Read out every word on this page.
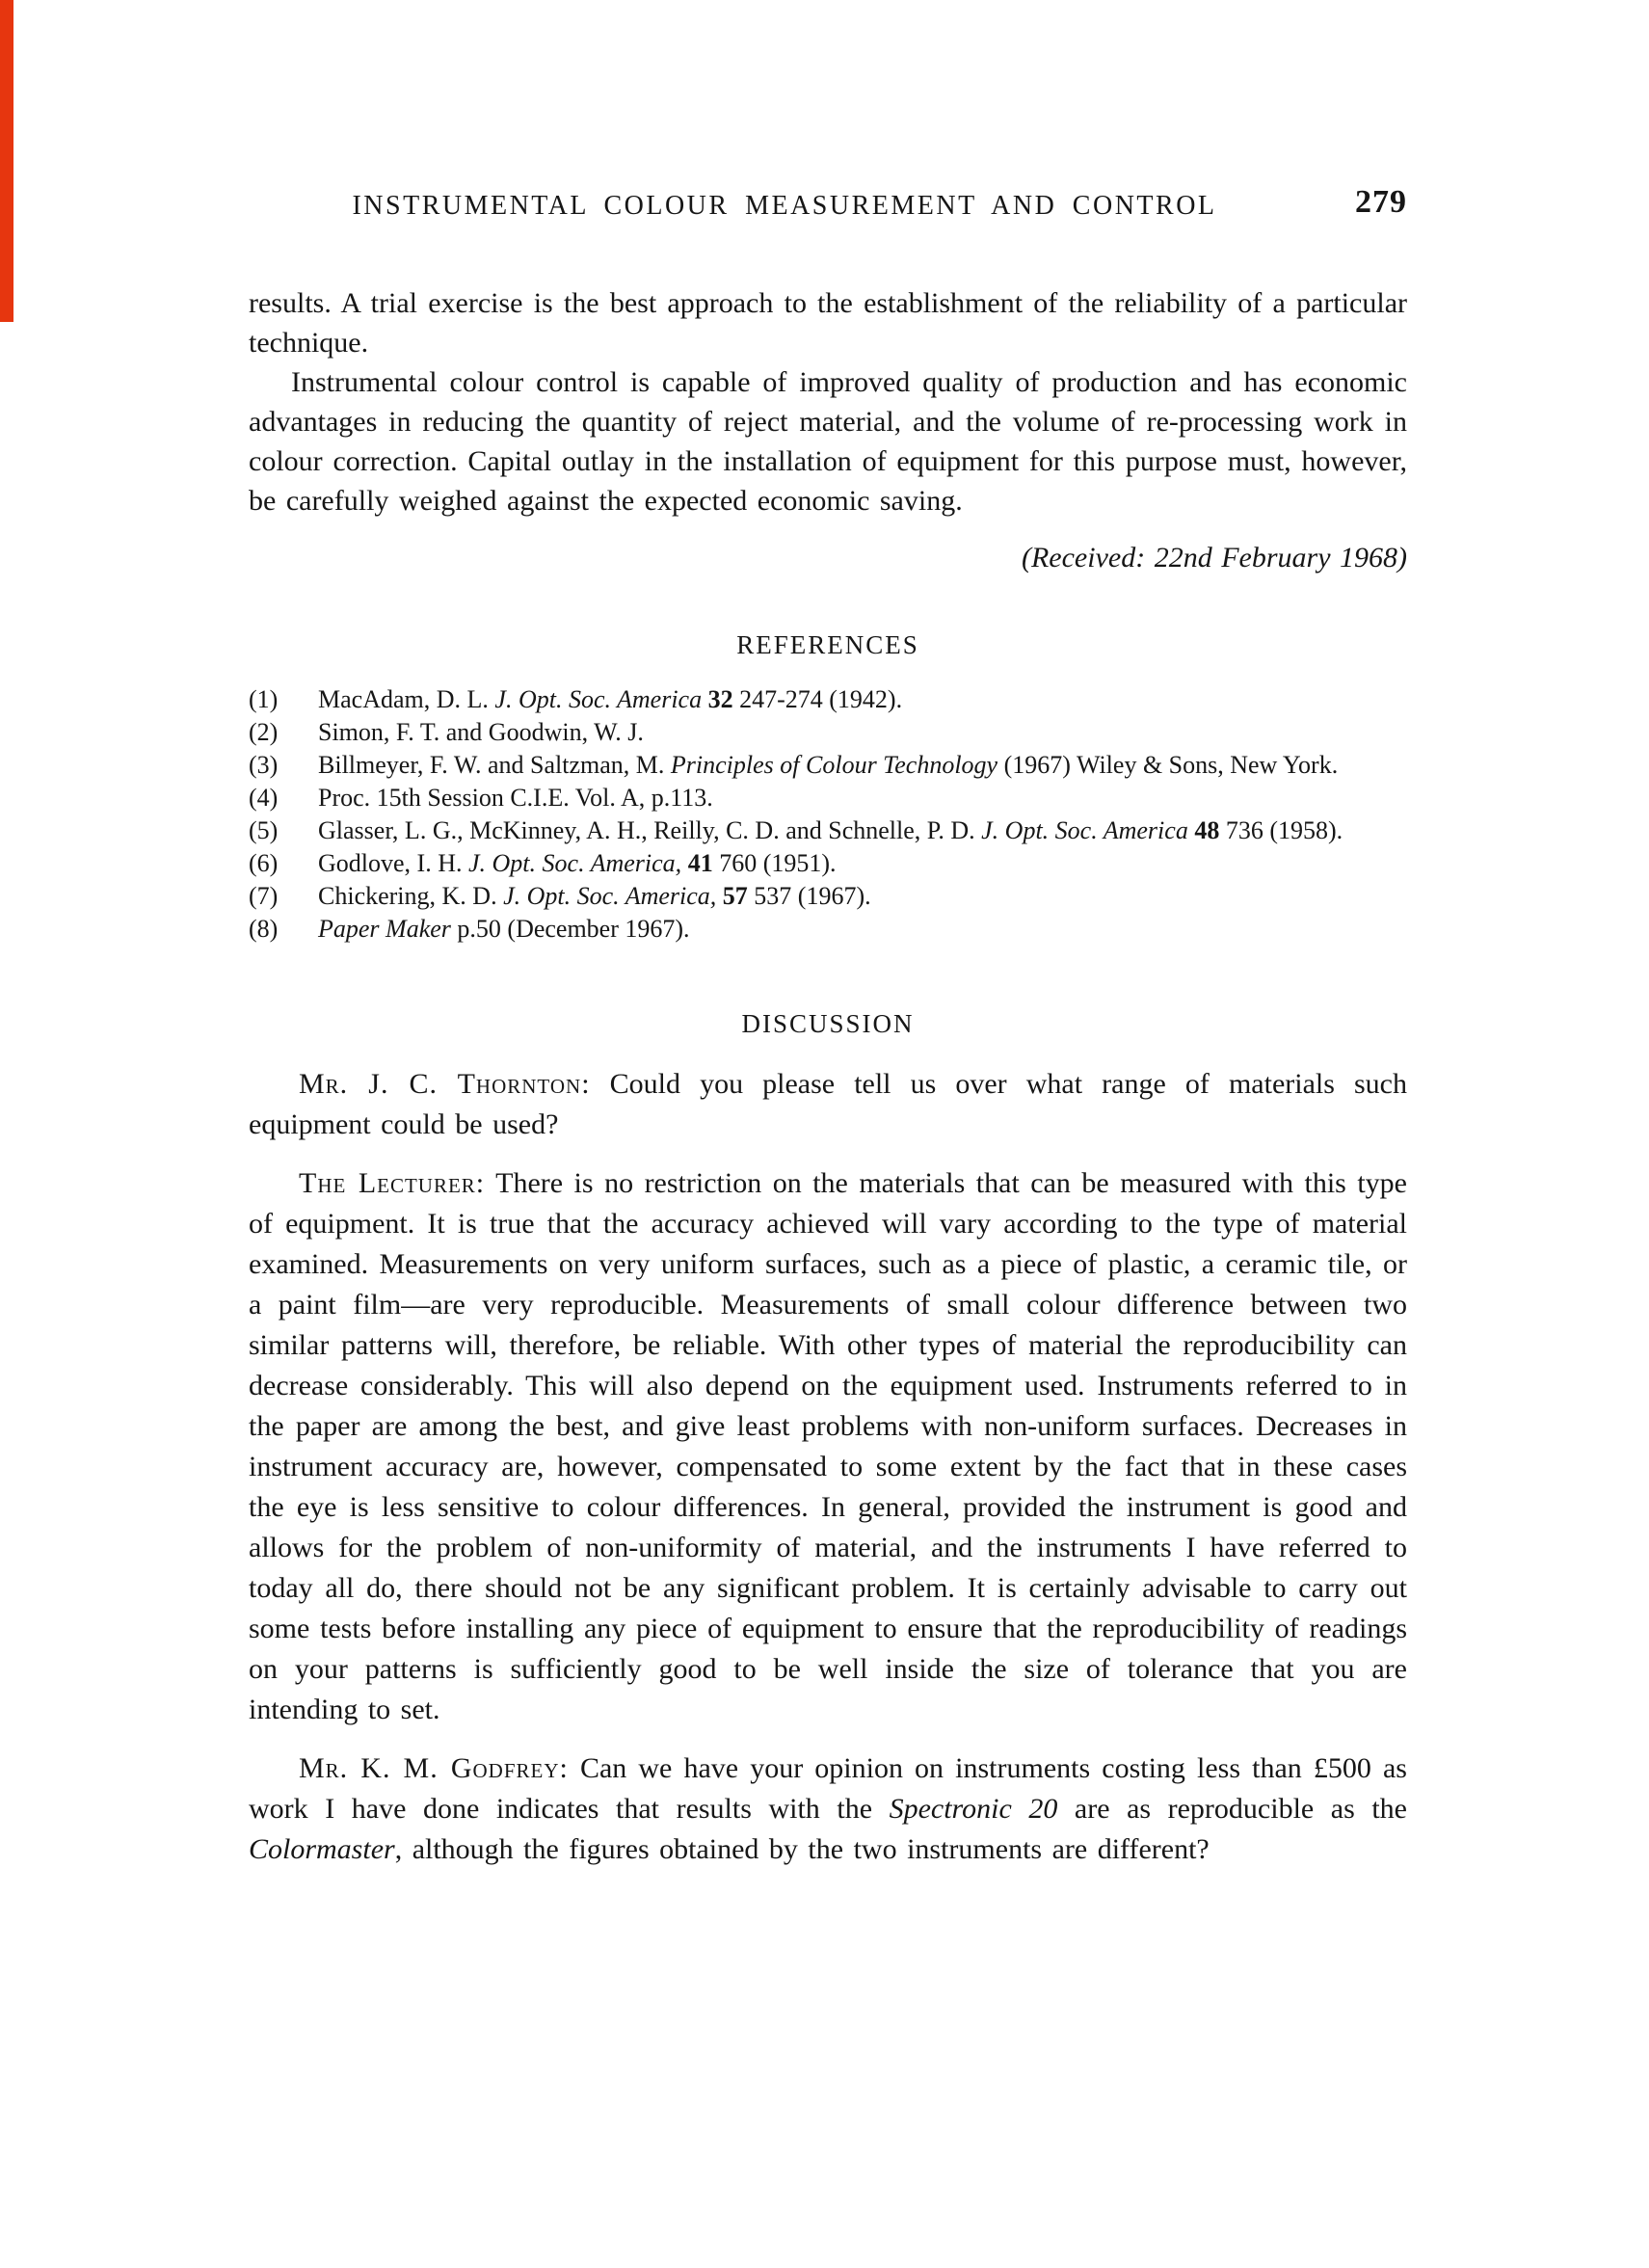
INSTRUMENTAL COLOUR MEASUREMENT AND CONTROL	279

results. A trial exercise is the best approach to the establishment of the reliability of a particular technique.

Instrumental colour control is capable of improved quality of production and has economic advantages in reducing the quantity of reject material, and the volume of re-processing work in colour correction. Capital outlay in the installation of equipment for this purpose must, however, be carefully weighed against the expected economic saving.

(Received: 22nd February 1968)
REFERENCES
(1)	MacAdam, D. L. J. Opt. Soc. America 32 247-274 (1942).
(2)	Simon, F. T. and Goodwin, W. J.
(3)	Billmeyer, F. W. and Saltzman, M. Principles of Colour Technology (1967) Wiley & Sons, New York.
(4)	Proc. 15th Session C.I.E. Vol. A, p.113.
(5)	Glasser, L. G., McKinney, A. H., Reilly, C. D. and Schnelle, P. D. J. Opt. Soc. America 48 736 (1958).
(6)	Godlove, I. H. J. Opt. Soc. America, 41 760 (1951).
(7)	Chickering, K. D. J. Opt. Soc. America, 57 537 (1967).
(8)	Paper Maker p.50 (December 1967).
DISCUSSION

Mr. J. C. Thornton: Could you please tell us over what range of materials such equipment could be used?

The Lecturer: There is no restriction on the materials that can be measured with this type of equipment. It is true that the accuracy achieved will vary according to the type of material examined. Measurements on very uniform surfaces, such as a piece of plastic, a ceramic tile, or a paint film—are very reproducible. Measurements of small colour difference between two similar patterns will, therefore, be reliable. With other types of material the reproducibility can decrease considerably. This will also depend on the equipment used. Instruments referred to in the paper are among the best, and give least problems with non-uniform surfaces. Decreases in instrument accuracy are, however, compensated to some extent by the fact that in these cases the eye is less sensitive to colour differences. In general, provided the instrument is good and allows for the problem of non-uniformity of material, and the instruments I have referred to today all do, there should not be any significant problem. It is certainly advisable to carry out some tests before installing any piece of equipment to ensure that the reproducibility of readings on your patterns is sufficiently good to be well inside the size of tolerance that you are intending to set.

Mr. K. M. Godfrey: Can we have your opinion on instruments costing less than £500 as work I have done indicates that results with the Spectronic 20 are as reproducible as the Colormaster, although the figures obtained by the two instruments are different?
